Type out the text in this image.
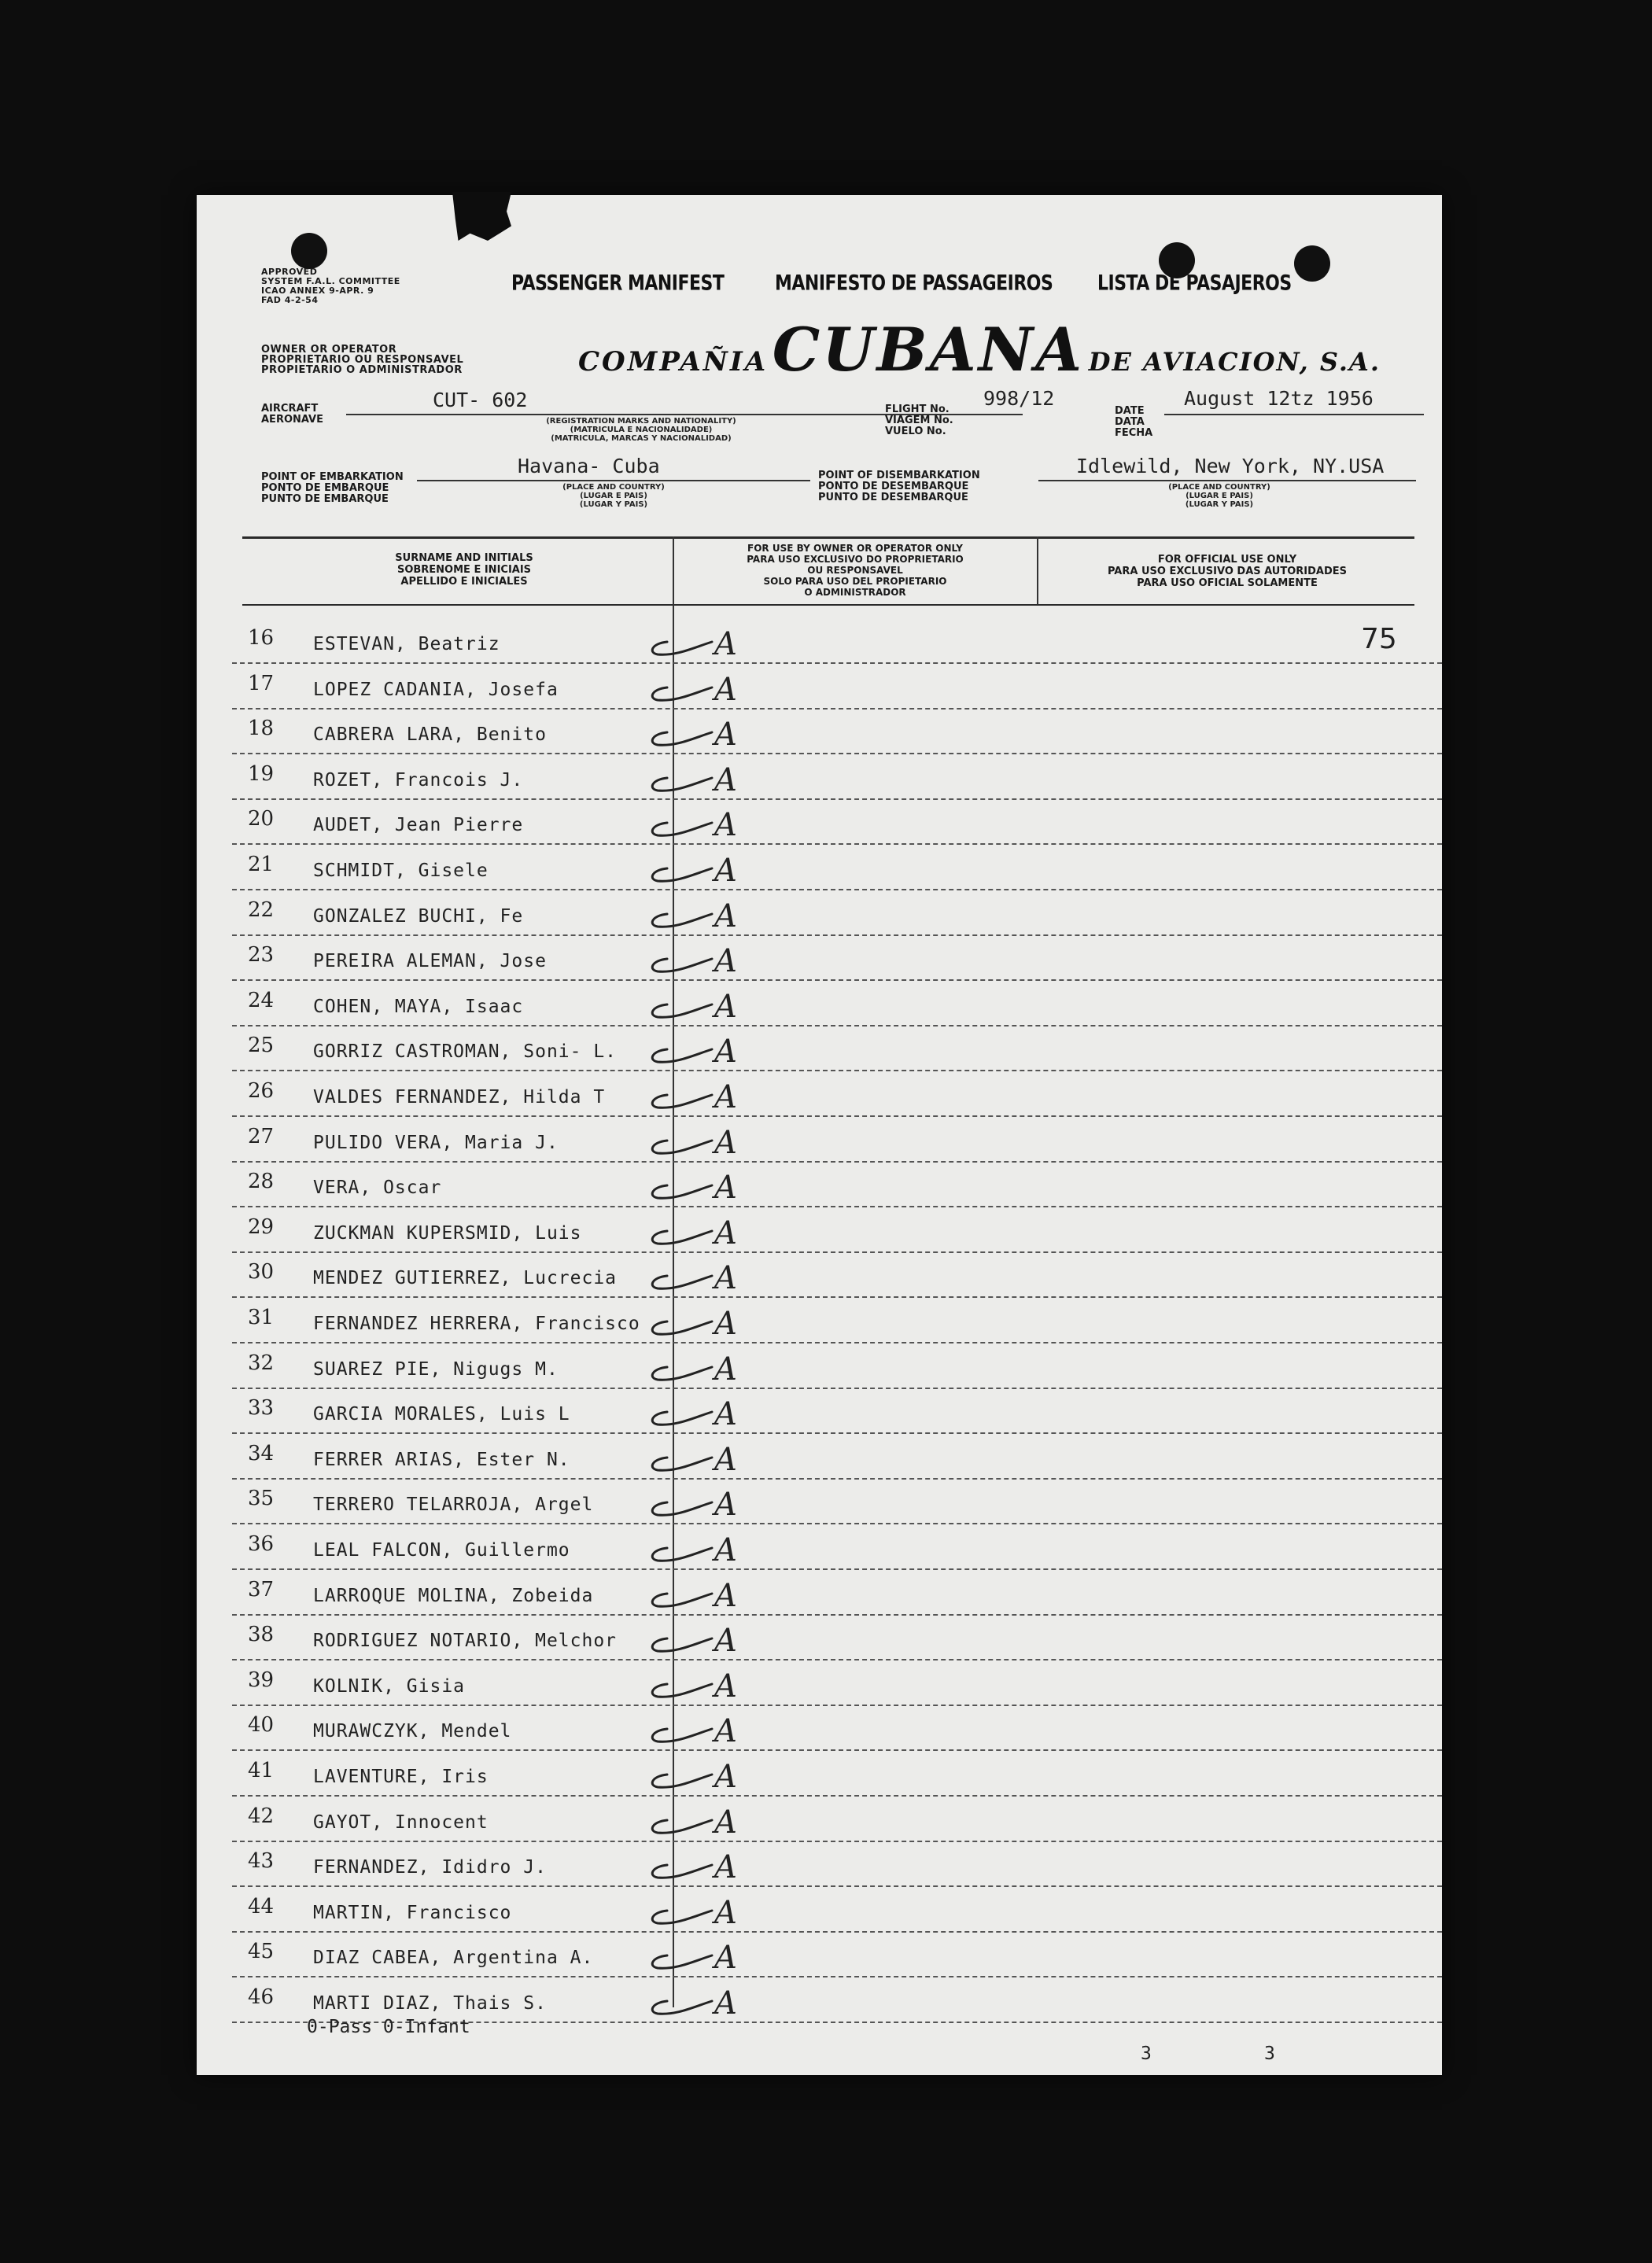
APPROVED
SYSTEM F.A.L. COMMITTEE
ICAO ANNEX 9-APR. 9
FAD 4-2-54

OWNER OR OPERATOR
PROPRIETARIO OU RESPONSAVEL
PROPIETARIO O ADMINISTRADOR

PASSENGER MANIFEST	MANIFESTO DE PASSAGEIROS	LISTA DE PASAJEROS
COMPAÑIA CUBANA DE AVIACION, S.A.
AIRCRAFT
AERONAVE
CUT- 602
(REGISTRATION MARKS AND NATIONALITY)
(MATRICULA E NACIONALIDADE)
(MATRICULA, MARCAS Y NACIONALIDAD)
FLIGHT No.
VIAGEM No.
VUELO No.
998/12
DATE
DATA
FECHA
August 12tz 1956
POINT OF EMBARKATION
PONTO DE EMBARQUE
PUNTO DE EMBARQUE
Havana- Cuba
(PLACE AND COUNTRY)
(LUGAR E PAIS)
(LUGAR Y PAIS)
POINT OF DISEMBARKATION
PONTO DE DESEMBARQUE
PUNTO DE DESEMBARQUE
Idlewild, New York, NY.USA
(PLACE AND COUNTRY)
(LUGAR E PAIS)
(LUGAR Y PAIS)
SURNAME AND INITIALS
SOBRENOME E INICIAIS
APELLIDO E INICIALES
FOR USE BY OWNER OR OPERATOR ONLY
PARA USO EXCLUSIVO DO PROPRIETARIO
OU RESPONSAVEL
SOLO PARA USO DEL PROPIETARIO
O ADMINISTRADOR
FOR OFFICIAL USE ONLY
PARA USO EXCLUSIVO DAS AUTORIDADES
PARA USO OFICIAL SOLAMENTE
75
16	ESTEVAN, Beatriz	A
17	LOPEZ CADANIA, Josefa	A
18	CABRERA LARA, Benito	A
19	ROZET, Francois J.	A
20	AUDET, Jean Pierre	A
21	SCHMIDT, Gisele	A
22	GONZALEZ BUCHI, Fe	A
23	PEREIRA ALEMAN, Jose	A
24	COHEN, MAYA, Isaac	A
25	GORRIZ CASTROMAN, Soni- L.	A
26	VALDES FERNANDEZ, Hilda T	A
27	PULIDO VERA, Maria J.	A
28	VERA, Oscar	A
29	ZUCKMAN KUPERSMID, Luis	A
30	MENDEZ GUTIERREZ, Lucrecia	A
31	FERNANDEZ HERRERA, Francisco A
32	SUAREZ PIE, Nigugs M.	A
33	GARCIA MORALES, Luis L	A
34	FERRER ARIAS, Ester N.	A
35	TERRERO TELARROJA, Argel	A
36	LEAL FALCON, Guillermo	A
37	LARROQUE MOLINA, Zobeida	A
38	RODRIGUEZ NOTARIO, Melchor	A
39	KOLNIK, Gisia	A
40	MURAWCZYK, Mendel	A
41	LAVENTURE, Iris	A
42	GAYOT, Innocent	A
43	FERNANDEZ, Ididro J.	A
44	MARTIN, Francisco	A
45	DIAZ CABEA, Argentina A.	A
46	MARTI DIAZ, Thais S.	A
0-Pass 0-Infant
3	3
